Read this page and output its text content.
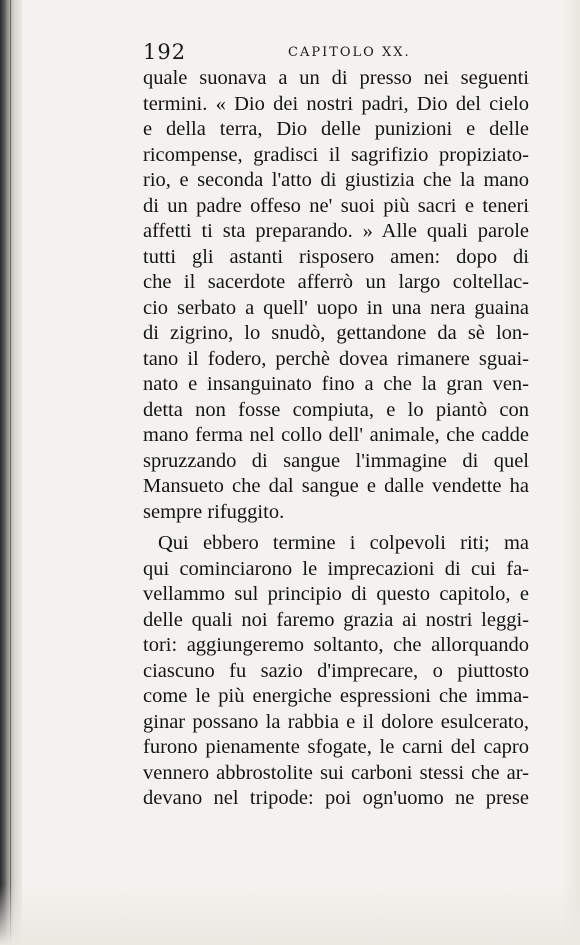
192	CAPITOLO XX.
quale suonava a un di presso nei seguenti
termini. « Dio dei nostri padri, Dio del cielo
e della terra, Dio delle punizioni e delle
ricompense, gradisci il sagrifizio propiziato-
rio, e seconda l'atto di giustizia che la mano
di un padre offeso ne' suoi più sacri e teneri
affetti ti sta preparando. » Alle quali parole
tutti gli astanti risposero amen: dopo di
che il sacerdote afferrò un largo coltellac-
cio serbato a quell' uopo in una nera guaina
di zigrino, lo snudò, gettandone da sè lon-
tano il fodero, perchè dovea rimanere sguai-
nato e insanguinato fino a che la gran ven-
detta non fosse compiuta, e lo piantò con
mano ferma nel collo dell' animale, che cadde
spruzzando di sangue l'immagine di quel
Mansueto che dal sangue e dalle vendette ha
sempre rifuggito.
Qui ebbero termine i colpevoli riti; ma
qui cominciarono le imprecazioni di cui fa-
vellammo sul principio di questo capitolo, e
delle quali noi faremo grazia ai nostri leggi-
tori: aggiungeremo soltanto, che allorquando
ciascuno fu sazio d'imprecare, o piuttosto
come le più energiche espressioni che imma-
ginar possano la rabbia e il dolore esulcerato,
furono pienamente sfogate, le carni del capro
vennero abbrostolite sui carboni stessi che ar-
devano nel tripode: poi ogn'uomo ne prese
